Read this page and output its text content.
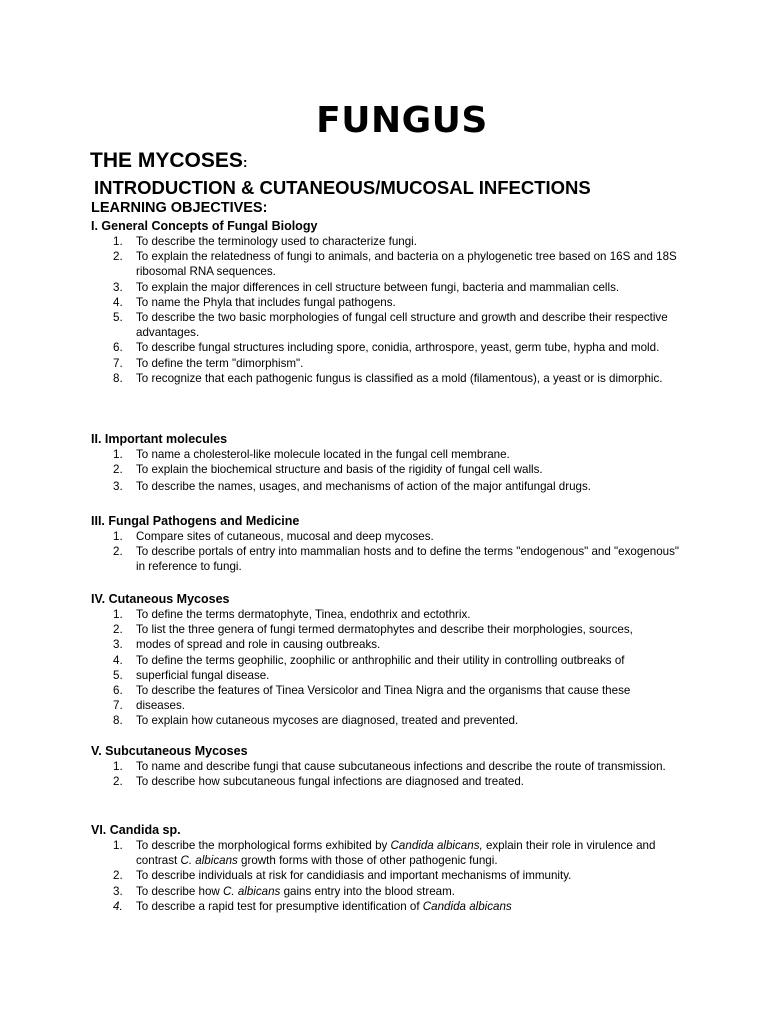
FUNGUS
THE MYCOSES:
INTRODUCTION & CUTANEOUS/MUCOSAL INFECTIONS
LEARNING OBJECTIVES:
I. General Concepts of Fungal Biology
1.	To describe the terminology used to characterize fungi.
2.	To explain the relatedness of fungi to animals, and bacteria on a phylogenetic tree based on 16S and 18S ribosomal RNA sequences.
3.	To explain the major differences in cell structure between fungi, bacteria and mammalian cells.
4.	To name the Phyla that includes fungal pathogens.
5.	To describe the two basic morphologies of fungal cell structure and growth and describe their respective advantages.
6.	To describe fungal structures including spore, conidia, arthrospore, yeast, germ tube, hypha and mold.
7.	To define the term "dimorphism".
8.	To recognize that each pathogenic fungus is classified as a mold (filamentous), a yeast or is dimorphic.
II. Important molecules
1.	To name a cholesterol-like molecule located in the fungal cell membrane.
2.	To explain the biochemical structure and basis of the rigidity of fungal cell walls.
3.	To describe the names, usages, and mechanisms of action of the major antifungal drugs.
III. Fungal Pathogens and Medicine
1.	Compare sites of cutaneous, mucosal and deep mycoses.
2.	To describe portals of entry into mammalian hosts and to define the terms "endogenous" and "exogenous" in reference to fungi.
IV. Cutaneous Mycoses
1.	To define the terms dermatophyte, Tinea, endothrix and ectothrix.
2.	To list the three genera of fungi termed dermatophytes and describe their morphologies, sources,
3.	modes of spread and role in causing outbreaks.
4.	To define the terms geophilic, zoophilic or anthrophilic and their utility in controlling outbreaks of
5.	superficial fungal disease.
6.	To describe the features of Tinea Versicolor and Tinea Nigra and the organisms that cause these
7.	diseases.
8.	To explain how cutaneous mycoses are diagnosed, treated and prevented.
V. Subcutaneous Mycoses
1.	To name and describe fungi that cause subcutaneous infections and describe the route of transmission.
2.	To describe how subcutaneous fungal infections are diagnosed and treated.
VI. Candida sp.
1.	To describe the morphological forms exhibited by Candida albicans, explain their role in virulence and contrast C. albicans growth forms with those of other pathogenic fungi.
2.	To describe individuals at risk for candidiasis and important mechanisms of immunity.
3.	To describe how C. albicans gains entry into the blood stream.
4.	To describe a rapid test for presumptive identification of Candida albicans
